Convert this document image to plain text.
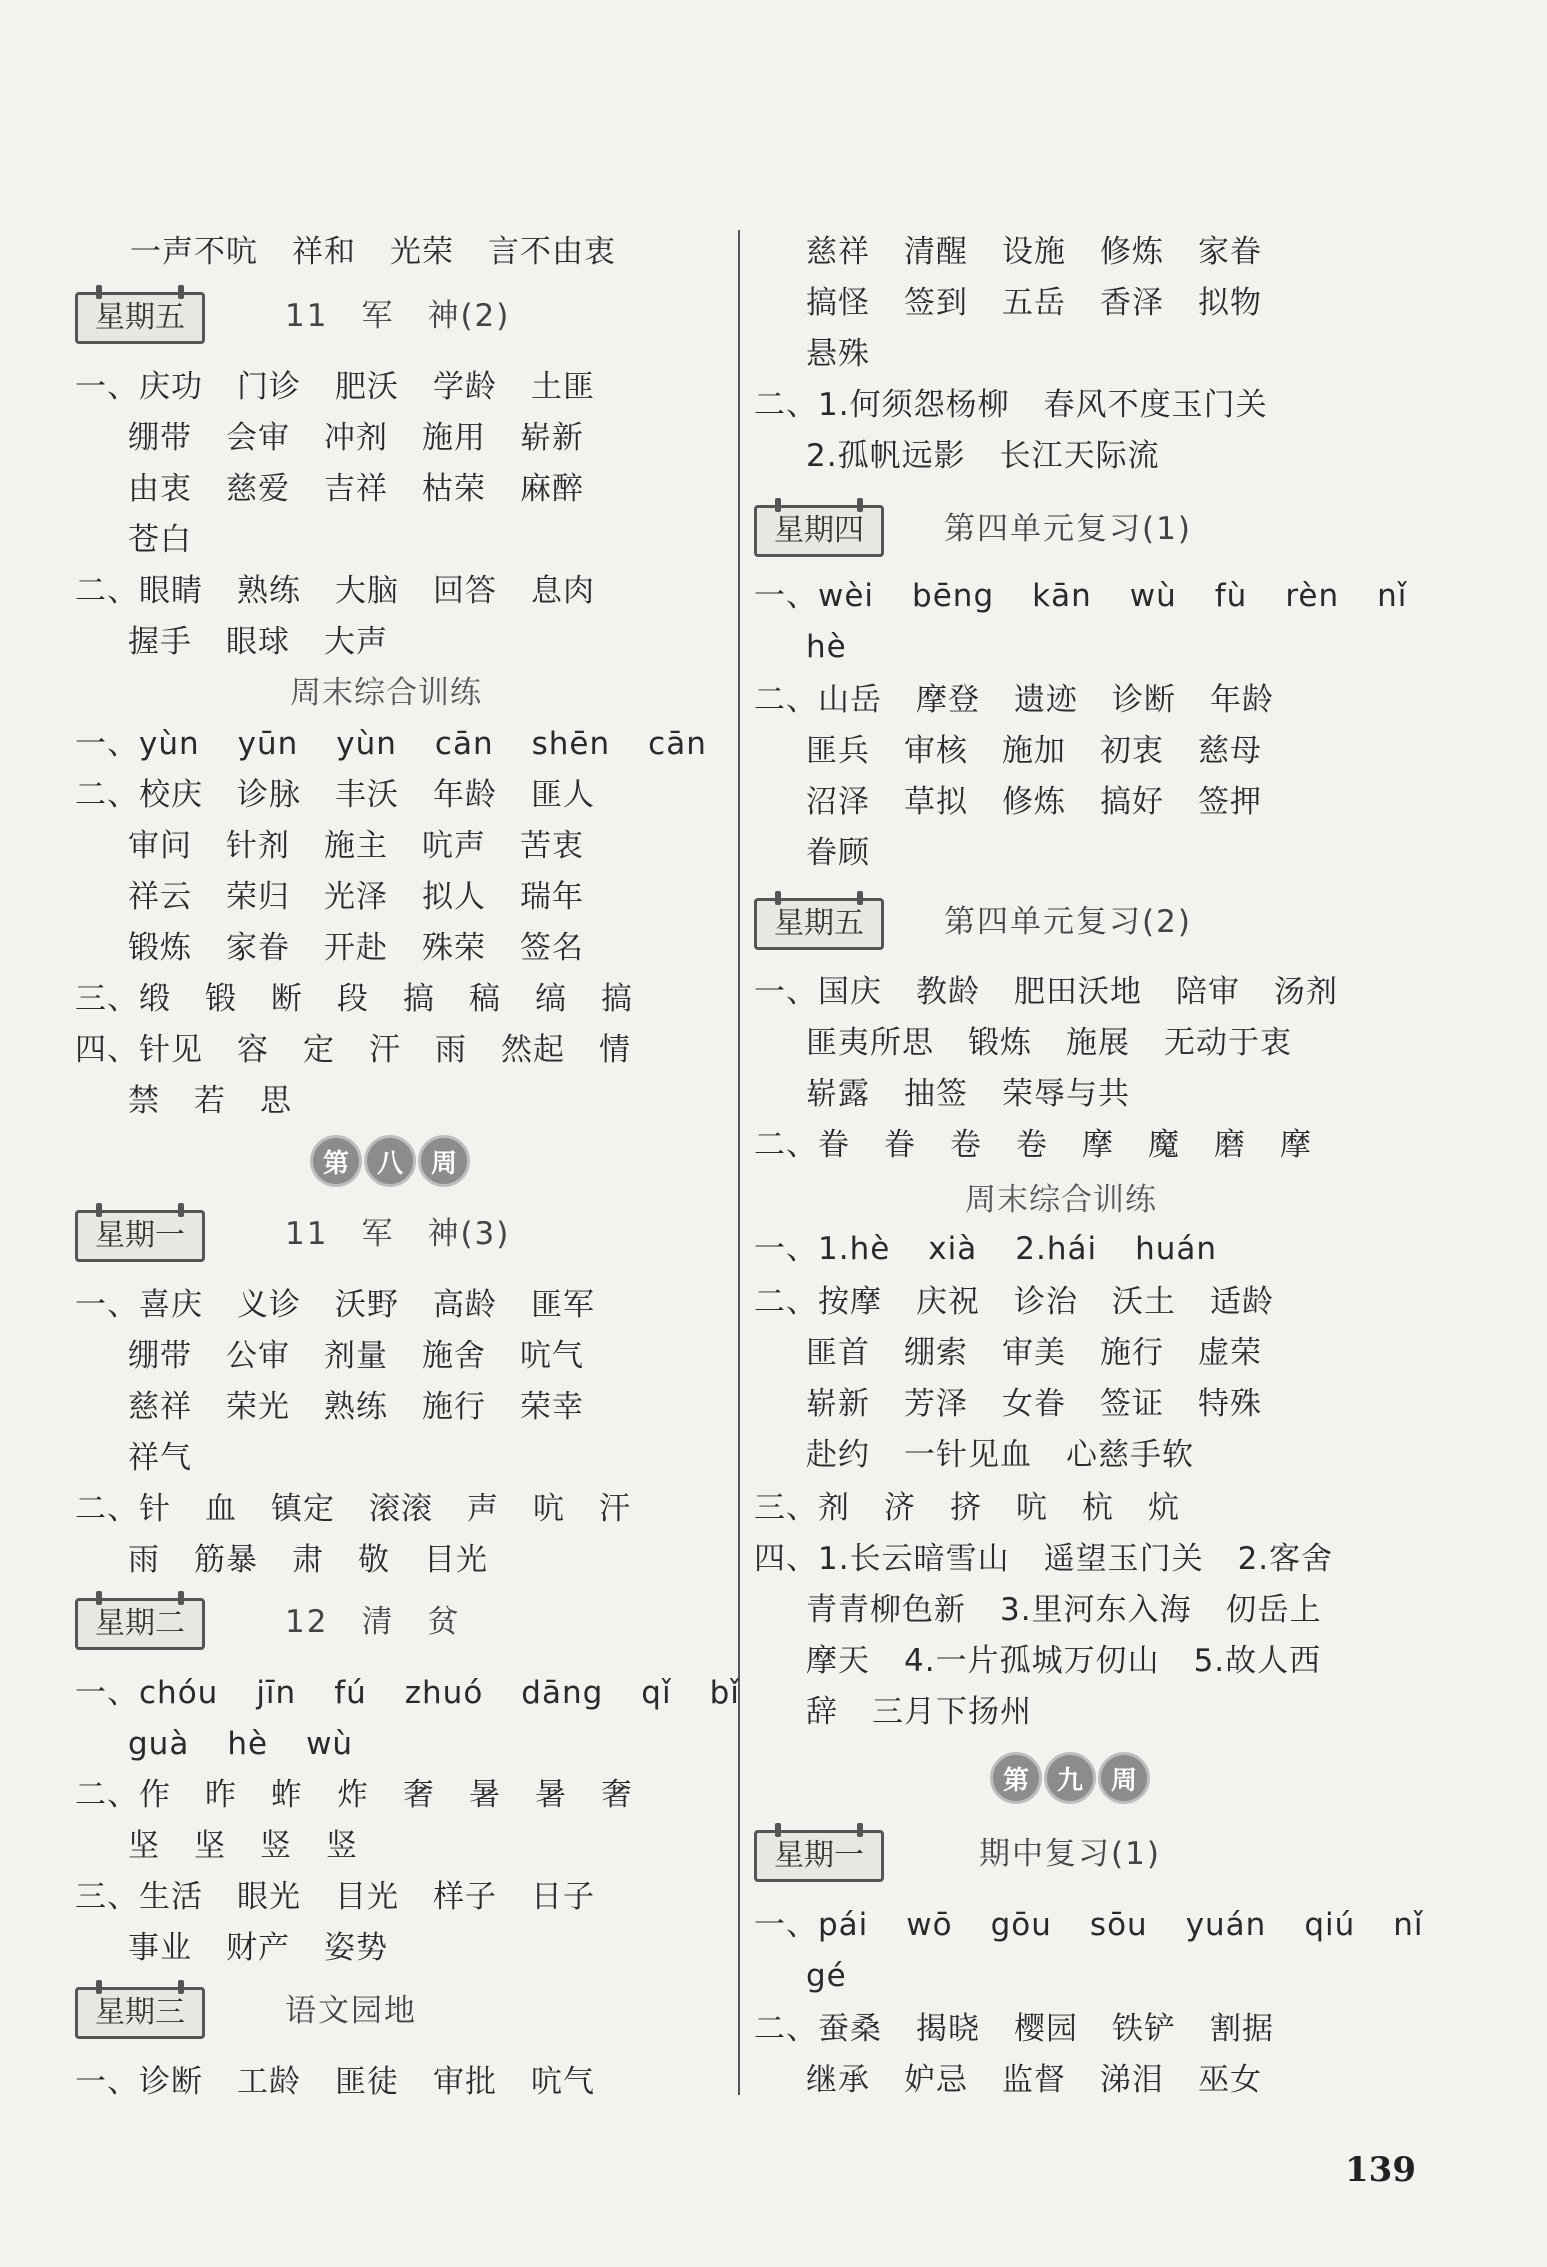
一声不吭 祥和 光荣 言不由衷
星期五	11　军　神(2)
一、庆功 门诊 肥沃 学龄 土匪
绷带 会审 冲剂 施用 崭新
由衷 慈爱 吉祥 枯荣 麻醉
苍白
二、眼睛 熟练 大脑 回答 息肉
握手 眼球 大声
周末综合训练
一、yùn yūn yùn cān shēn cān
二、校庆 诊脉 丰沃 年龄 匪人
审问 针剂 施主 吭声 苦衷
祥云 荣归 光泽 拟人 瑞年
锻炼 家眷 开赴 殊荣 签名
三、缎 锻 断 段 搞 稿 缟 搞
四、针见 容 定 汗 雨 然起 情
禁 若 思
第	八	周
星期一	11　军　神(3)
一、喜庆 义诊 沃野 高龄 匪军
绷带 公审 剂量 施舍 吭气
慈祥 荣光 熟练 施行 荣幸
祥气
二、针 血 镇定 滚滚 声 吭 汗
雨 筋暴 肃 敬 目光
星期二	12　清　贫
一、chóu jīn fú zhuó dāng qǐ bǐ
guà hè wù
二、作 昨 蚱 炸 奢 暑 暑 奢
坚 坚 竖 竖
三、生活 眼光 目光 样子 日子
事业 财产 姿势
星期三	语文园地
一、诊断 工龄 匪徒 审批 吭气
慈祥 清醒 设施 修炼 家眷
搞怪 签到 五岳 香泽 拟物
悬殊
二、1.何须怨杨柳 春风不度玉门关
2.孤帆远影 长江天际流
星期四	第四单元复习(1)
一、wèi bēng kān wù fù rèn nǐ
hè
二、山岳 摩登 遗迹 诊断 年龄
匪兵 审核 施加 初衷 慈母
沼泽 草拟 修炼 搞好 签押
眷顾
星期五	第四单元复习(2)
一、国庆 教龄 肥田沃地 陪审 汤剂
匪夷所思 锻炼 施展 无动于衷
崭露 抽签 荣辱与共
二、眷 眷 卷 卷 摩 魔 磨 摩
周末综合训练
一、1.hè xià 2.hái huán
二、按摩 庆祝 诊治 沃土 适龄
匪首 绷索 审美 施行 虚荣
崭新 芳泽 女眷 签证 特殊
赴约 一针见血 心慈手软
三、剂 济 挤 吭 杭 炕
四、1.长云暗雪山 遥望玉门关 2.客舍
青青柳色新 3.里河东入海 仞岳上
摩天 4.一片孤城万仞山 5.故人西
辞 三月下扬州
第	九	周
星期一	期中复习(1)
一、pái wō gōu sōu yuán qiú nǐ
gé
二、蚕桑 揭晓 樱园 铁铲 割据
继承 妒忌 监督 涕泪 巫女
139
